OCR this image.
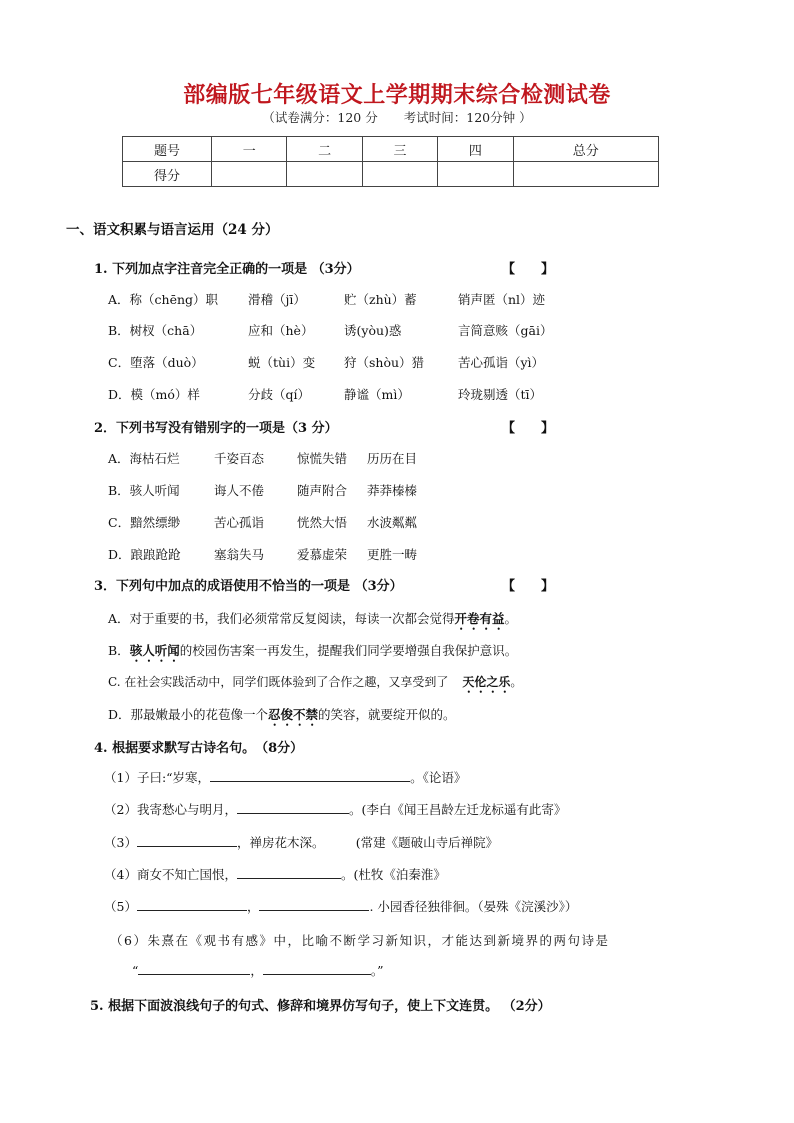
部编版七年级语文上学期期末综合检测试卷
（试卷满分：120 分 考试时间：120分钟 ）
题号	一	二	三	四	总分
得分					
一、语文积累与语言运用（24 分）
1. 下列加点字注音完全正确的一项是 （3分）	【　　】
A．称（chēng）职 滑稽（jī）	贮（zhù）蓄	销声匿（nl）迹
B．树杈（chā）	应和（hè） 诱(yòu)惑	言简意赅（gāi）
C．堕落（duò）	蜕（tùi）变 狩（shòu）猎	苦心孤诣（yì）
D．模（mó）样	分歧（qí）	静谧（mì）	玲珑剔透（tī）
2．下列书写没有错别字的一项是（3 分）	【　　】
A．海枯石烂	千姿百态	惊慌失错 历历在目
B．骇人听闻	诲人不倦	随声附合 莽莽榛榛
C．黯然缥缈	苦心孤诣	恍然大悟 水波粼粼
D．踉踉跄跄	塞翁失马	爱慕虚荣 更胜一畴
3．下列句中加点的成语使用不恰当的一项是 （3分）	【　　】
A．对于重要的书，我们必须常常反复阅读，每读一次都会觉得开卷有益。
B．骇人听闻的校园伤害案一再发生，提醒我们同学要增强自我保护意识。
C. 在社会实践活动中，同学们既体验到了合作之趣，又享受到了 天伦之乐。
D．那最嫩最小的花苞像一个忍俊不禁的笑容，就要绽开似的。
4. 根据要求默写古诗名句。　（8分）
（1）子曰:“岁寒，	。《论语》
（2）我寄愁心与明月，	。(李白《闻王昌龄左迁龙标遥有此寄》
（3）	，禅房花木深。　　　(常建《题破山寺后禅院》
（4）商女不知亡国恨，	。(杜牧《泊秦淮》
（5）	，	. 小园香径独徘徊。（晏殊《浣溪沙》）
（6）朱熹在《观书有感》中，比喻不断学习新知识，才能达到新境界的两句诗是
“	，	。”
5. 根据下面波浪线句子的句式、修辞和境界仿写句子，使上下文连贯。 （2分）
